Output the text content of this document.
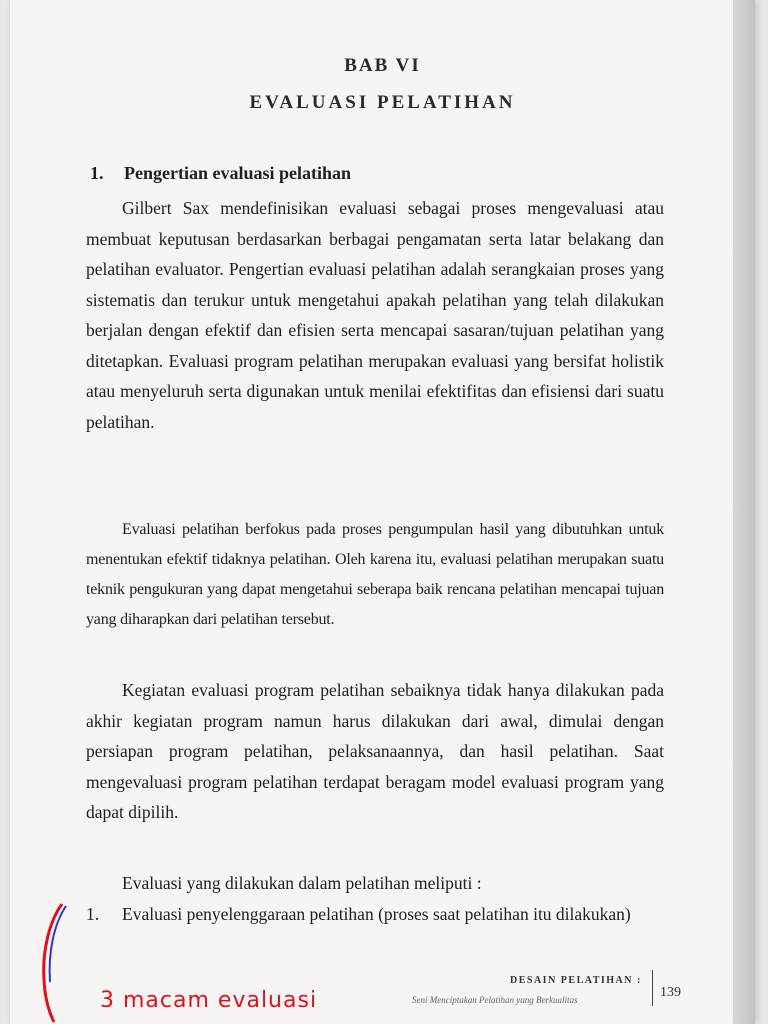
BAB VI
EVALUASI PELATIHAN
1. Pengertian evaluasi pelatihan

Gilbert Sax mendefinisikan evaluasi sebagai proses mengevaluasi atau membuat keputusan berdasarkan berbagai pengamatan serta latar belakang dan pelatihan evaluator. Pengertian evaluasi pelatihan adalah serangkaian proses yang sistematis dan terukur untuk mengetahui apakah pelatihan yang telah dilakukan berjalan dengan efektif dan efisien serta mencapai sasaran/tujuan pelatihan yang ditetapkan. Evaluasi program pelatihan merupakan evaluasi yang bersifat holistik atau menyeluruh serta digunakan untuk menilai efektifitas dan efisiensi dari suatu pelatihan.

Evaluasi pelatihan berfokus pada proses pengumpulan hasil yang dibutuhkan untuk menentukan efektif tidaknya pelatihan. Oleh karena itu, evaluasi pelatihan merupakan suatu teknik pengukuran yang dapat mengetahui seberapa baik rencana pelatihan mencapai tujuan yang diharapkan dari pelatihan tersebut.

Kegiatan evaluasi program pelatihan sebaiknya tidak hanya dilakukan pada akhir kegiatan program namun harus dilakukan dari awal, dimulai dengan persiapan program pelatihan, pelaksanaannya, dan hasil pelatihan. Saat mengevaluasi program pelatihan terdapat beragam model evaluasi program yang dapat dipilih.

Evaluasi yang dilakukan dalam pelatihan meliputi :

1. Evaluasi penyelenggaraan pelatihan (proses saat pelatihan itu dilakukan)
DESAIN PELATIHAN :
Seni Menciptakan Pelatihan yang Berkualitas	139
3 macam evaluasi
